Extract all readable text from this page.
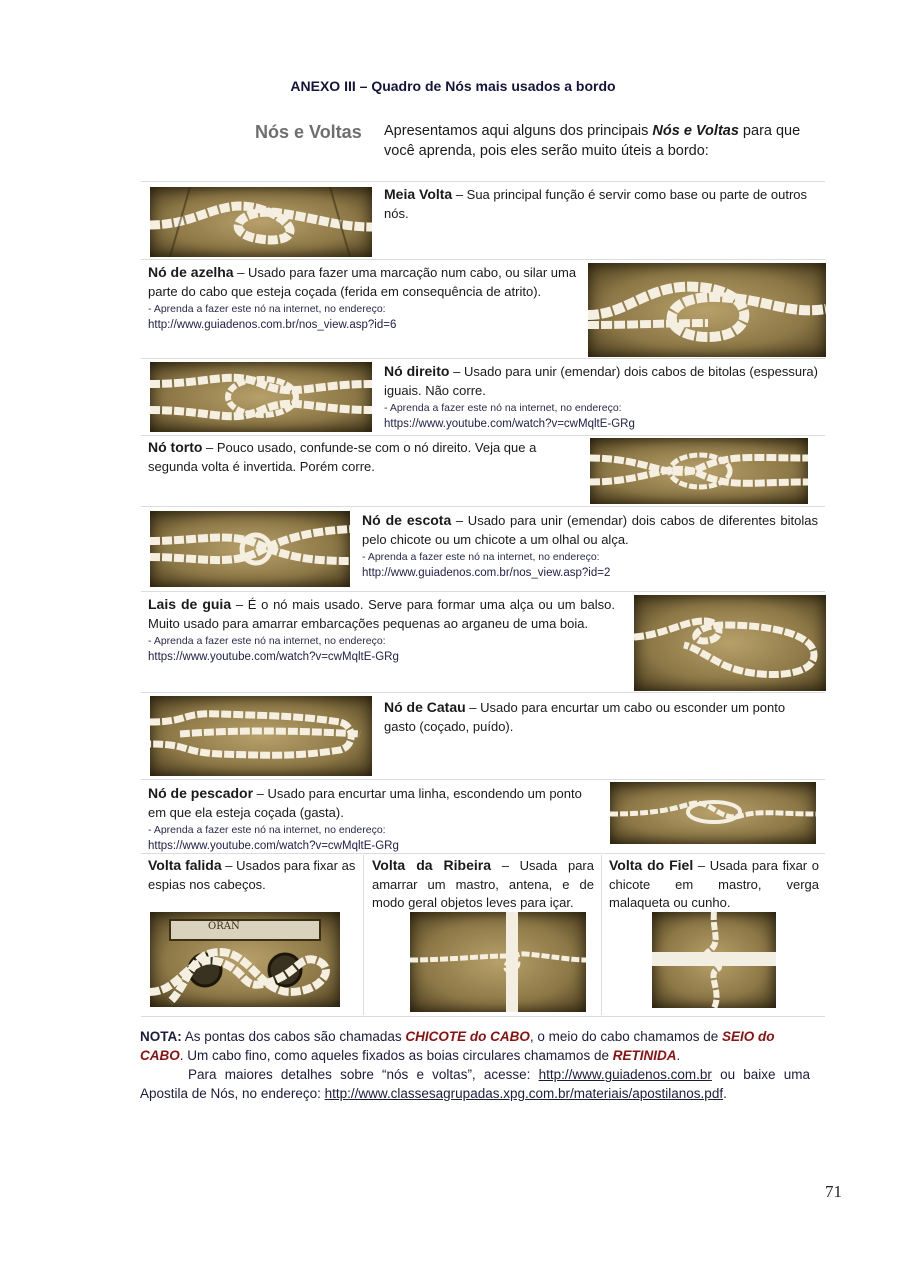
ANEXO III – Quadro de Nós mais usados a bordo
Nós e Voltas Apresentamos aqui alguns dos principais Nós e Voltas para que você aprenda, pois eles serão muito úteis a bordo:
Meia Volta – Sua principal função é servir como base ou parte de outros nós.
Nó de azelha – Usado para fazer uma marcação num cabo, ou silar uma parte do cabo que esteja coçada (ferida em consequência de atrito).
- Aprenda a fazer este nó na internet, no endereço:
http://www.guiadenos.com.br/nos_view.asp?id=6
Nó direito – Usado para unir (emendar) dois cabos de bitolas (espessura) iguais. Não corre.
- Aprenda a fazer este nó na internet, no endereço:
https://www.youtube.com/watch?v=cwMqltE-GRg
Nó torto – Pouco usado, confunde-se com o nó direito. Veja que a segunda volta é invertida. Porém corre.
Nó de escota – Usado para unir (emendar) dois cabos de diferentes bitolas pelo chicote ou um chicote a um olhal ou alça.
- Aprenda a fazer este nó na internet, no endereço:
http://www.guiadenos.com.br/nos_view.asp?id=2
Lais de guia – É o nó mais usado. Serve para formar uma alça ou um balso. Muito usado para amarrar embarcações pequenas ao arganeu de uma boia.
- Aprenda a fazer este nó na internet, no endereço:
https://www.youtube.com/watch?v=cwMqltE-GRg
Nó de Catau – Usado para encurtar um cabo ou esconder um ponto gasto (coçado, puído).
Nó de pescador – Usado para encurtar uma linha, escondendo um ponto em que ela esteja coçada (gasta).
- Aprenda a fazer este nó na internet, no endereço:
https://www.youtube.com/watch?v=cwMqltE-GRg
Volta falida – Usados para fixar as espias nos cabeços.
Volta da Ribeira – Usada para amarrar um mastro, antena, e de modo geral objetos leves para içar.
Volta do Fiel – Usada para fixar o chicote em mastro, verga malaqueta ou cunho.
ORAN
NOTA: As pontas dos cabos são chamadas CHICOTE do CABO, o meio do cabo chamamos de SEIO do CABO. Um cabo fino, como aqueles fixados as boias circulares chamamos de RETINIDA.
Para maiores detalhes sobre “nós e voltas”, acesse: http://www.guiadenos.com.br ou baixe uma Apostila de Nós, no endereço: http://www.classesagrupadas.xpg.com.br/materiais/apostilanos.pdf.
71
